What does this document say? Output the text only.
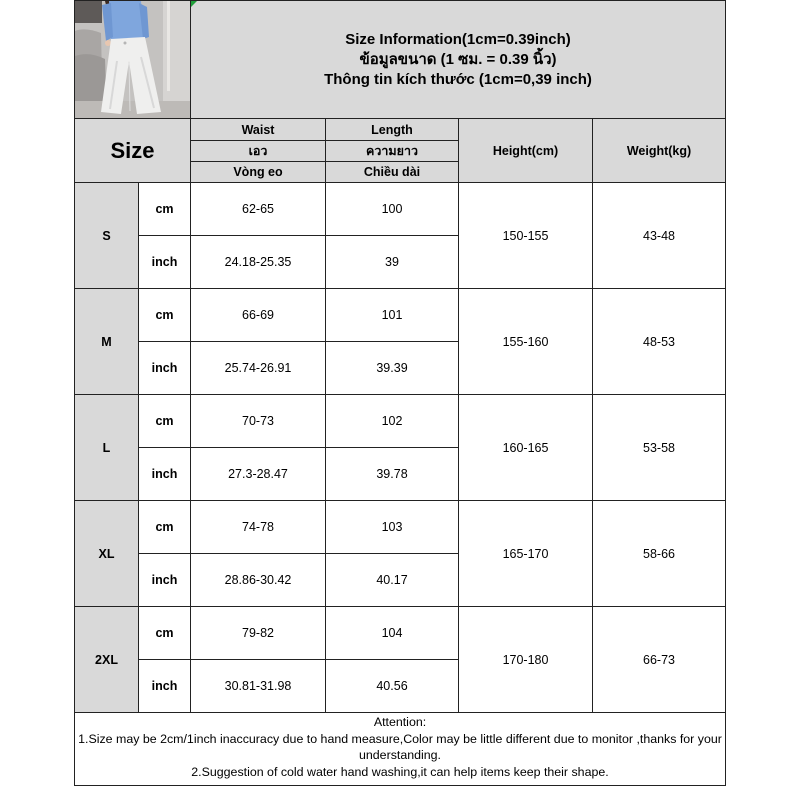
Size Information(1cm=0.39inch)
ข้อมูลขนาด (1 ซม. = 0.39 นิ้ว)
Thông tin kích thước (1cm=0,39 inch)
Size
Waist	Length
เอว	ความยาว
Vòng eo	Chiều dài
Height(cm)	Weight(kg)
S
cm	62-65	100
inch	24.18-25.35	39
150-155	43-48
M
cm	66-69	101
inch	25.74-26.91	39.39
155-160	48-53
L
cm	70-73	102
inch	27.3-28.47	39.78
160-165	53-58
XL
cm	74-78	103
inch	28.86-30.42	40.17
165-170	58-66
2XL
cm	79-82	104
inch	30.81-31.98	40.56
170-180	66-73
Attention:
1.Size may be 2cm/1inch inaccuracy due to hand measure,Color may be little different due to monitor ,thanks for your
understanding.
2.Suggestion of cold water hand washing,it can help items keep their shape.
